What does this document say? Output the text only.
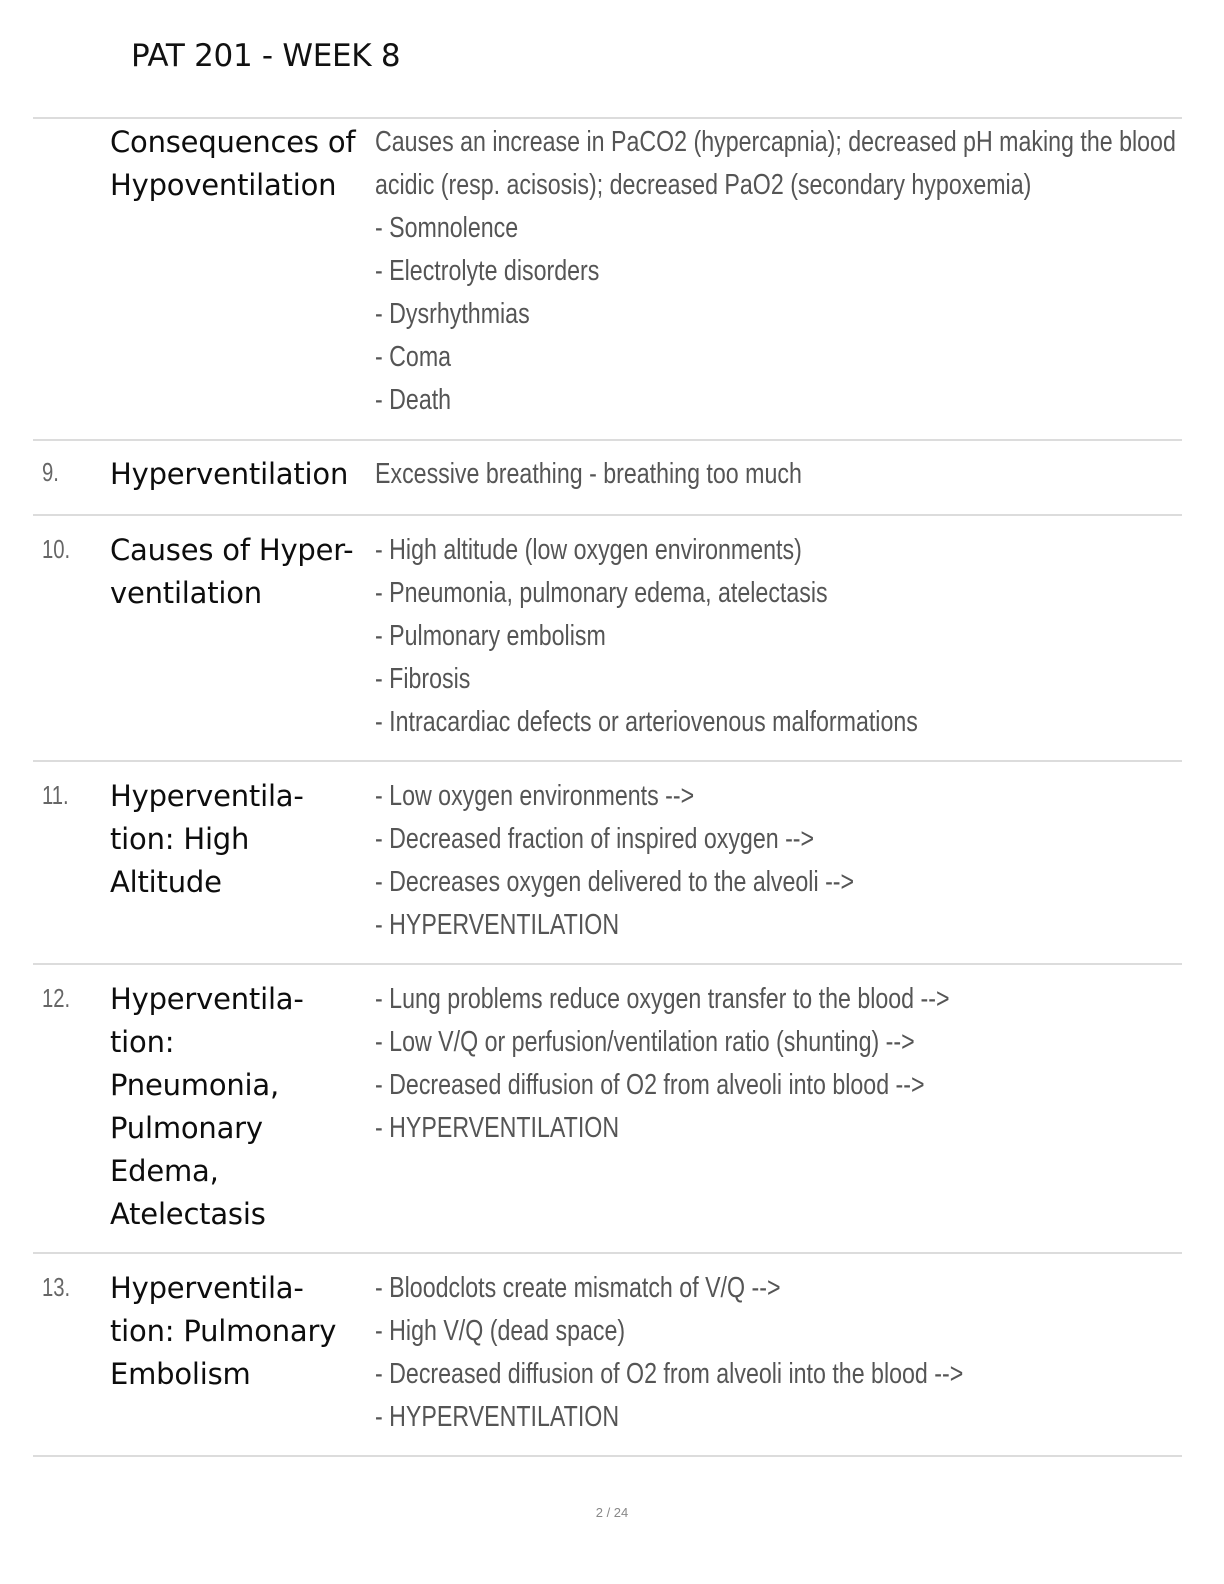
PAT 201 - WEEK 8
Consequences of
Hypoventilation
Causes an increase in PaCO2 (hypercapnia); decreased pH making the blood
acidic (resp. acisosis); decreased PaO2 (secondary hypoxemia)
- Somnolence
- Electrolyte disorders
- Dysrhythmias
- Coma
- Death
9. Hyperventilation Excessive breathing - breathing too much
10. Causes of Hyper-
ventilation
- High altitude (low oxygen environments)
- Pneumonia, pulmonary edema, atelectasis
- Pulmonary embolism
- Fibrosis
- Intracardiac defects or arteriovenous malformations
11. Hyperventila-
tion: High
Altitude
- Low oxygen environments -->
- Decreased fraction of inspired oxygen -->
- Decreases oxygen delivered to the alveoli -->
- HYPERVENTILATION
12. Hyperventila-
tion:
Pneumonia,
Pulmonary
Edema,
Atelectasis
- Lung problems reduce oxygen transfer to the blood -->
- Low V/Q or perfusion/ventilation ratio (shunting) -->
- Decreased diffusion of O2 from alveoli into blood -->
- HYPERVENTILATION
13. Hyperventila-
tion: Pulmonary
Embolism
- Bloodclots create mismatch of V/Q -->
- High V/Q (dead space)
- Decreased diffusion of O2 from alveoli into the blood -->
- HYPERVENTILATION
2 / 24
